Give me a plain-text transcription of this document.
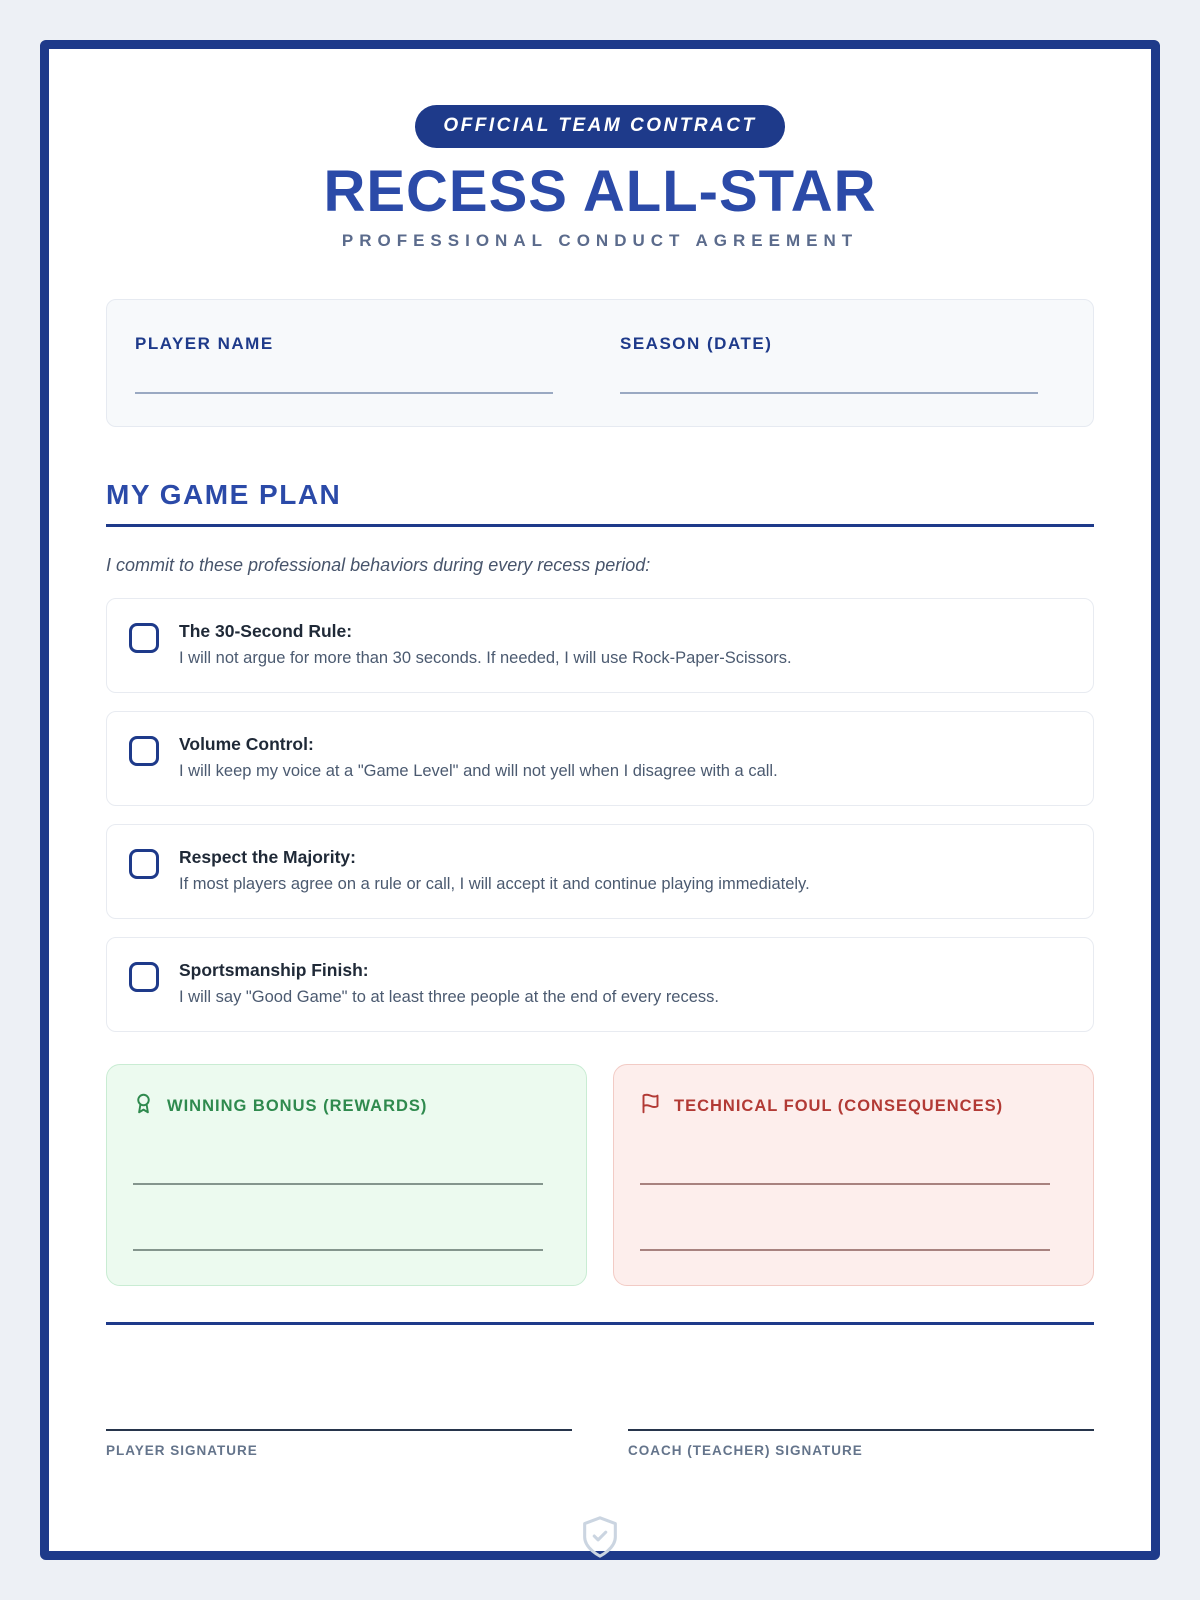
OFFICIAL TEAM CONTRACT
RECESS ALL-STAR
PROFESSIONAL CONDUCT AGREEMENT
PLAYER NAME	SEASON (DATE)
MY GAME PLAN
I commit to these professional behaviors during every recess period:
The 30-Second Rule:
I will not argue for more than 30 seconds. If needed, I will use Rock-Paper-Scissors.
Volume Control:
I will keep my voice at a "Game Level" and will not yell when I disagree with a call.
Respect the Majority:
If most players agree on a rule or call, I will accept it and continue playing immediately.
Sportsmanship Finish:
I will say "Good Game" to at least three people at the end of every recess.
WINNING BONUS (REWARDS)	TECHNICAL FOUL (CONSEQUENCES)
PLAYER SIGNATURE	COACH (TEACHER) SIGNATURE
